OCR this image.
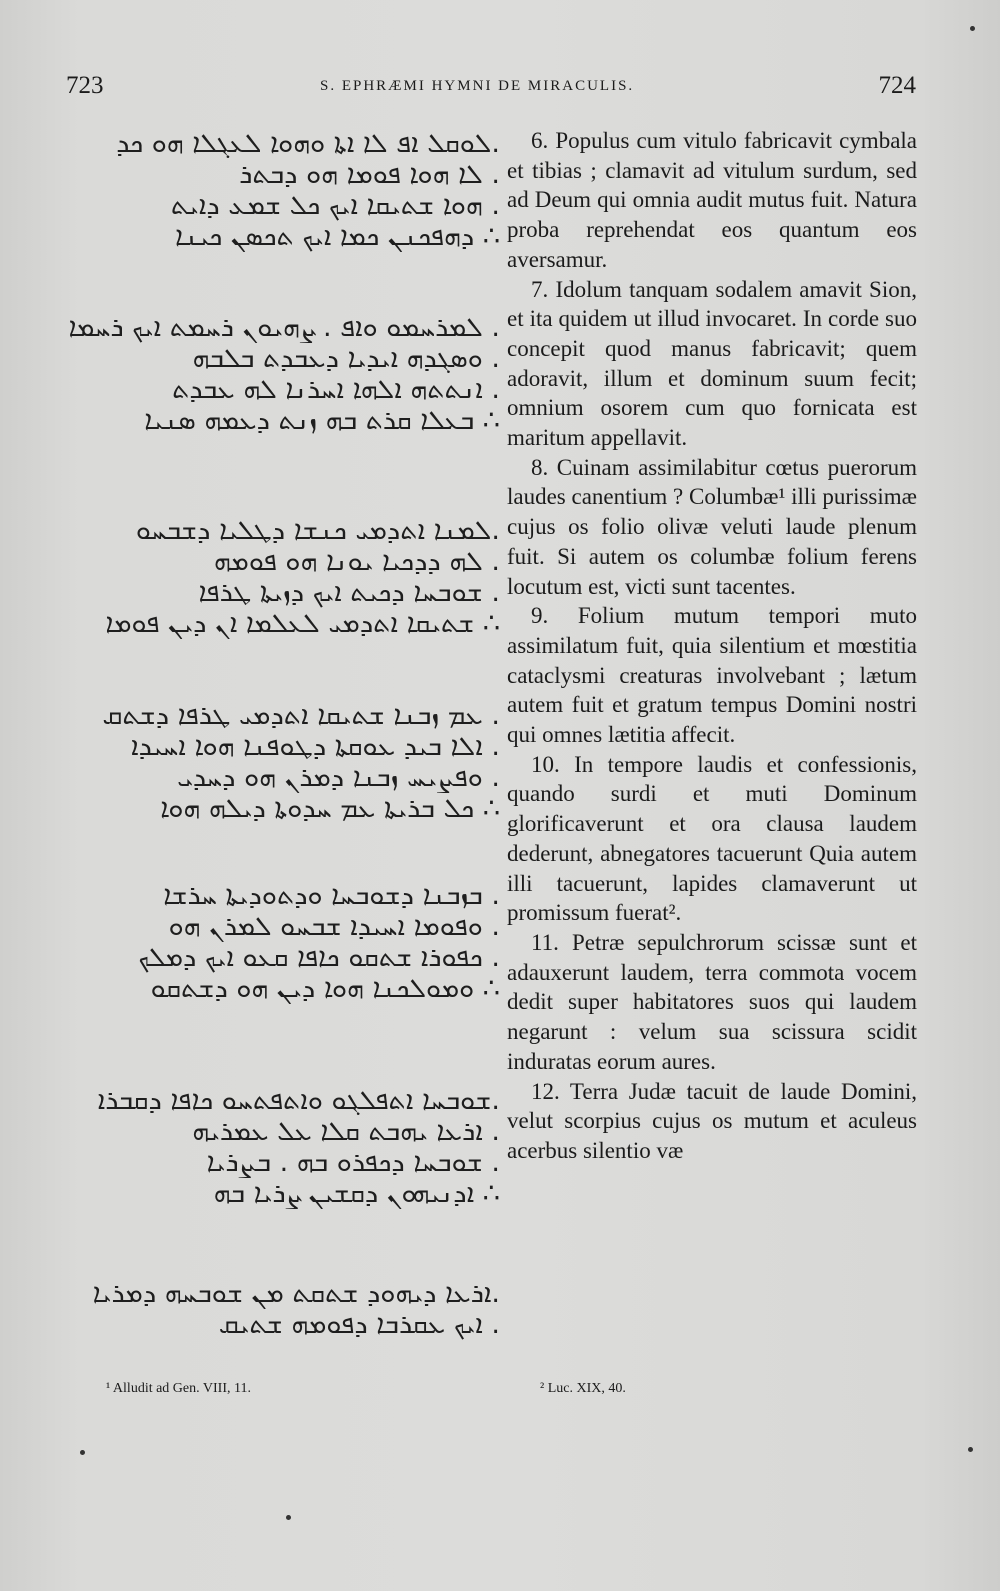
723	S. EPHRÆMI HYMNI DE MIRACULIS.	724
.ܠܘܩܠ ܐܦ ܠܐ ܐܬܐ ܘܗܘܐ ܠܥܓܠܐ ܗܘ ܟܕ
. ܠܐ ܗܘܐ ܦܘܡܐ ܗܘ ܕܒܬܪ
. ܗܘܐ ܫܬܝܩܐ ܐܝܟ ܟܠ ܫܡܥ ܕܐܝܬ
∴ ܕܗܦܟܢܢ ܟܡܐ ܐܝܟ ܬܟܣܢ ܟܝܢܐ
. ܠܡܪܚܡܘ ܘܐܦ . ܨܗܝܘܢ ܪܚܡܬ ܐܝܟ ܪܚܡܐ
. ܘܣܓܕܗ ܐܝܕܝܐ ܕܥܒܕܬ ܒܠܒܗ
. ܐܢܬܬܗ ܐܠܗܐ ܐܚܪܢܐ ܠܗ ܥܒܕܬ
∴ ܒܥܠܐ ܩܪܬ ܒܗ ܙܢܬ ܕܥܡܗ ܣܢܝܐ
.ܠܡܢܐ ܐܬܕܡܝ ܟܢܫܐ ܕܛܠܝܐ ܕܫܒܚܘ
. ܠܗ ܕܕܟܝܐ ܝܘܢܐ ܗܘ ܦܘܡܗ
. ܫܘܒܚܐ ܕܟܝܬ ܐܝܟ ܕܙܝܬܐ ܛܪܦܐ
∴ ܫܬܝܩܐ ܐܬܕܡܝ ܠܥܠܡܐ ܐܢ ܕܝܢ ܦܘܡܐ
. ܥܡ ܙܒܢܐ ܫܬܝܩܐ ܐܬܕܡܝ ܛܪܦܐ ܕܫܬܩ
. ܐܠܐ ܒܝܕ ܥܘܩܬܐ ܕܛܘܦܢܐ ܗܘܐ ܐܚܝܕܐ
. ܘܦܨܝܚ ܙܒܢܐ ܕܡܪܢ ܗܘ ܕܚܕܝ
∴ ܟܠ ܒܪܝܬܐ ܥܡ ܚܕܘܬܐ ܕܝܠܗ ܗܘܐ
. ܒܙܒܢܐ ܕܫܘܒܚܐ ܘܕܬܘܕܝܬܐ ܚܪܫܐ
. ܘܦܘܡܐ ܐܚܝܕܐ ܫܒܚܘ ܠܡܪܢ ܗܘ
. ܟܦܘܪܐ ܫܬܩܘ ܟܐܦܐ ܩܥܘ ܐܝܟ ܕܡܠܟ
∴ ܘܡܘܠܟܢܐ ܗܘܐ ܕܝܢ ܗܘ ܕܫܬܩܘ
.ܫܘܒܚܐ ܐܬܦܠܓܘ ܘܐܬܦܬܚܘ ܟܐܦܐ ܕܩܒܪܐ
. ܐܪܥܐ ܝܗܒܬ ܩܠܐ ܥܠ ܥܡܪܝܗ
. ܫܘܒܚܐ ܕܟܦܪܘ ܒܗ . ܒܨܪܝܐ
∴ ܐܕܢܝܗܘܢ ܕܩܫܝܢ ܨܪܝܐ ܒܗ
.ܐܪܥܐ ܕܝܗܘܕ ܫܬܩܬ ܡܢ ܫܘܒܚܗ ܕܡܪܝܐ
. ܐܝܟ ܥܩܪܒܐ ܕܦܘܡܗ ܫܬܝܩ

6. Populus cum vitulo fabricavit cymbala et tibias ; clamavit ad vitulum surdum, sed ad Deum qui omnia audit mutus fuit. Natura proba reprehendat eos quantum eos aversamur.

7. Idolum tanquam sodalem amavit Sion, et ita quidem ut illud invocaret. In corde suo concepit quod manus fabricavit; quem adoravit, illum et dominum suum fecit; omnium osorem cum quo fornicata est maritum appellavit.

8. Cuinam assimilabitur cœtus puerorum laudes canentium ? Columbæ¹ illi purissimæ cujus os folio olivæ veluti laude plenum fuit. Si autem os columbæ folium ferens locutum est, victi sunt tacentes.

9. Folium mutum tempori muto assimilatum fuit, quia silentium et mœstitia cataclysmi creaturas involvebant ; lætum autem fuit et gratum tempus Domini nostri qui omnes lætitia affecit.

10. In tempore laudis et confessionis, quando surdi et muti Dominum glorificaverunt et ora clausa laudem dederunt, abnegatores tacuerunt Quia autem illi tacuerunt, lapides clamaverunt ut promissum fuerat².

11. Petræ sepulchrorum scissæ sunt et adauxerunt laudem, terra commota vocem dedit super habitatores suos qui laudem negarunt : velum sua scissura scidit induratas eorum aures.

12. Terra Judæ tacuit de laude Domini, velut scorpius cujus os mutum et aculeus acerbus silentio væ

¹ Alludit ad Gen. VIII, 11.	² Luc. XIX, 40.
